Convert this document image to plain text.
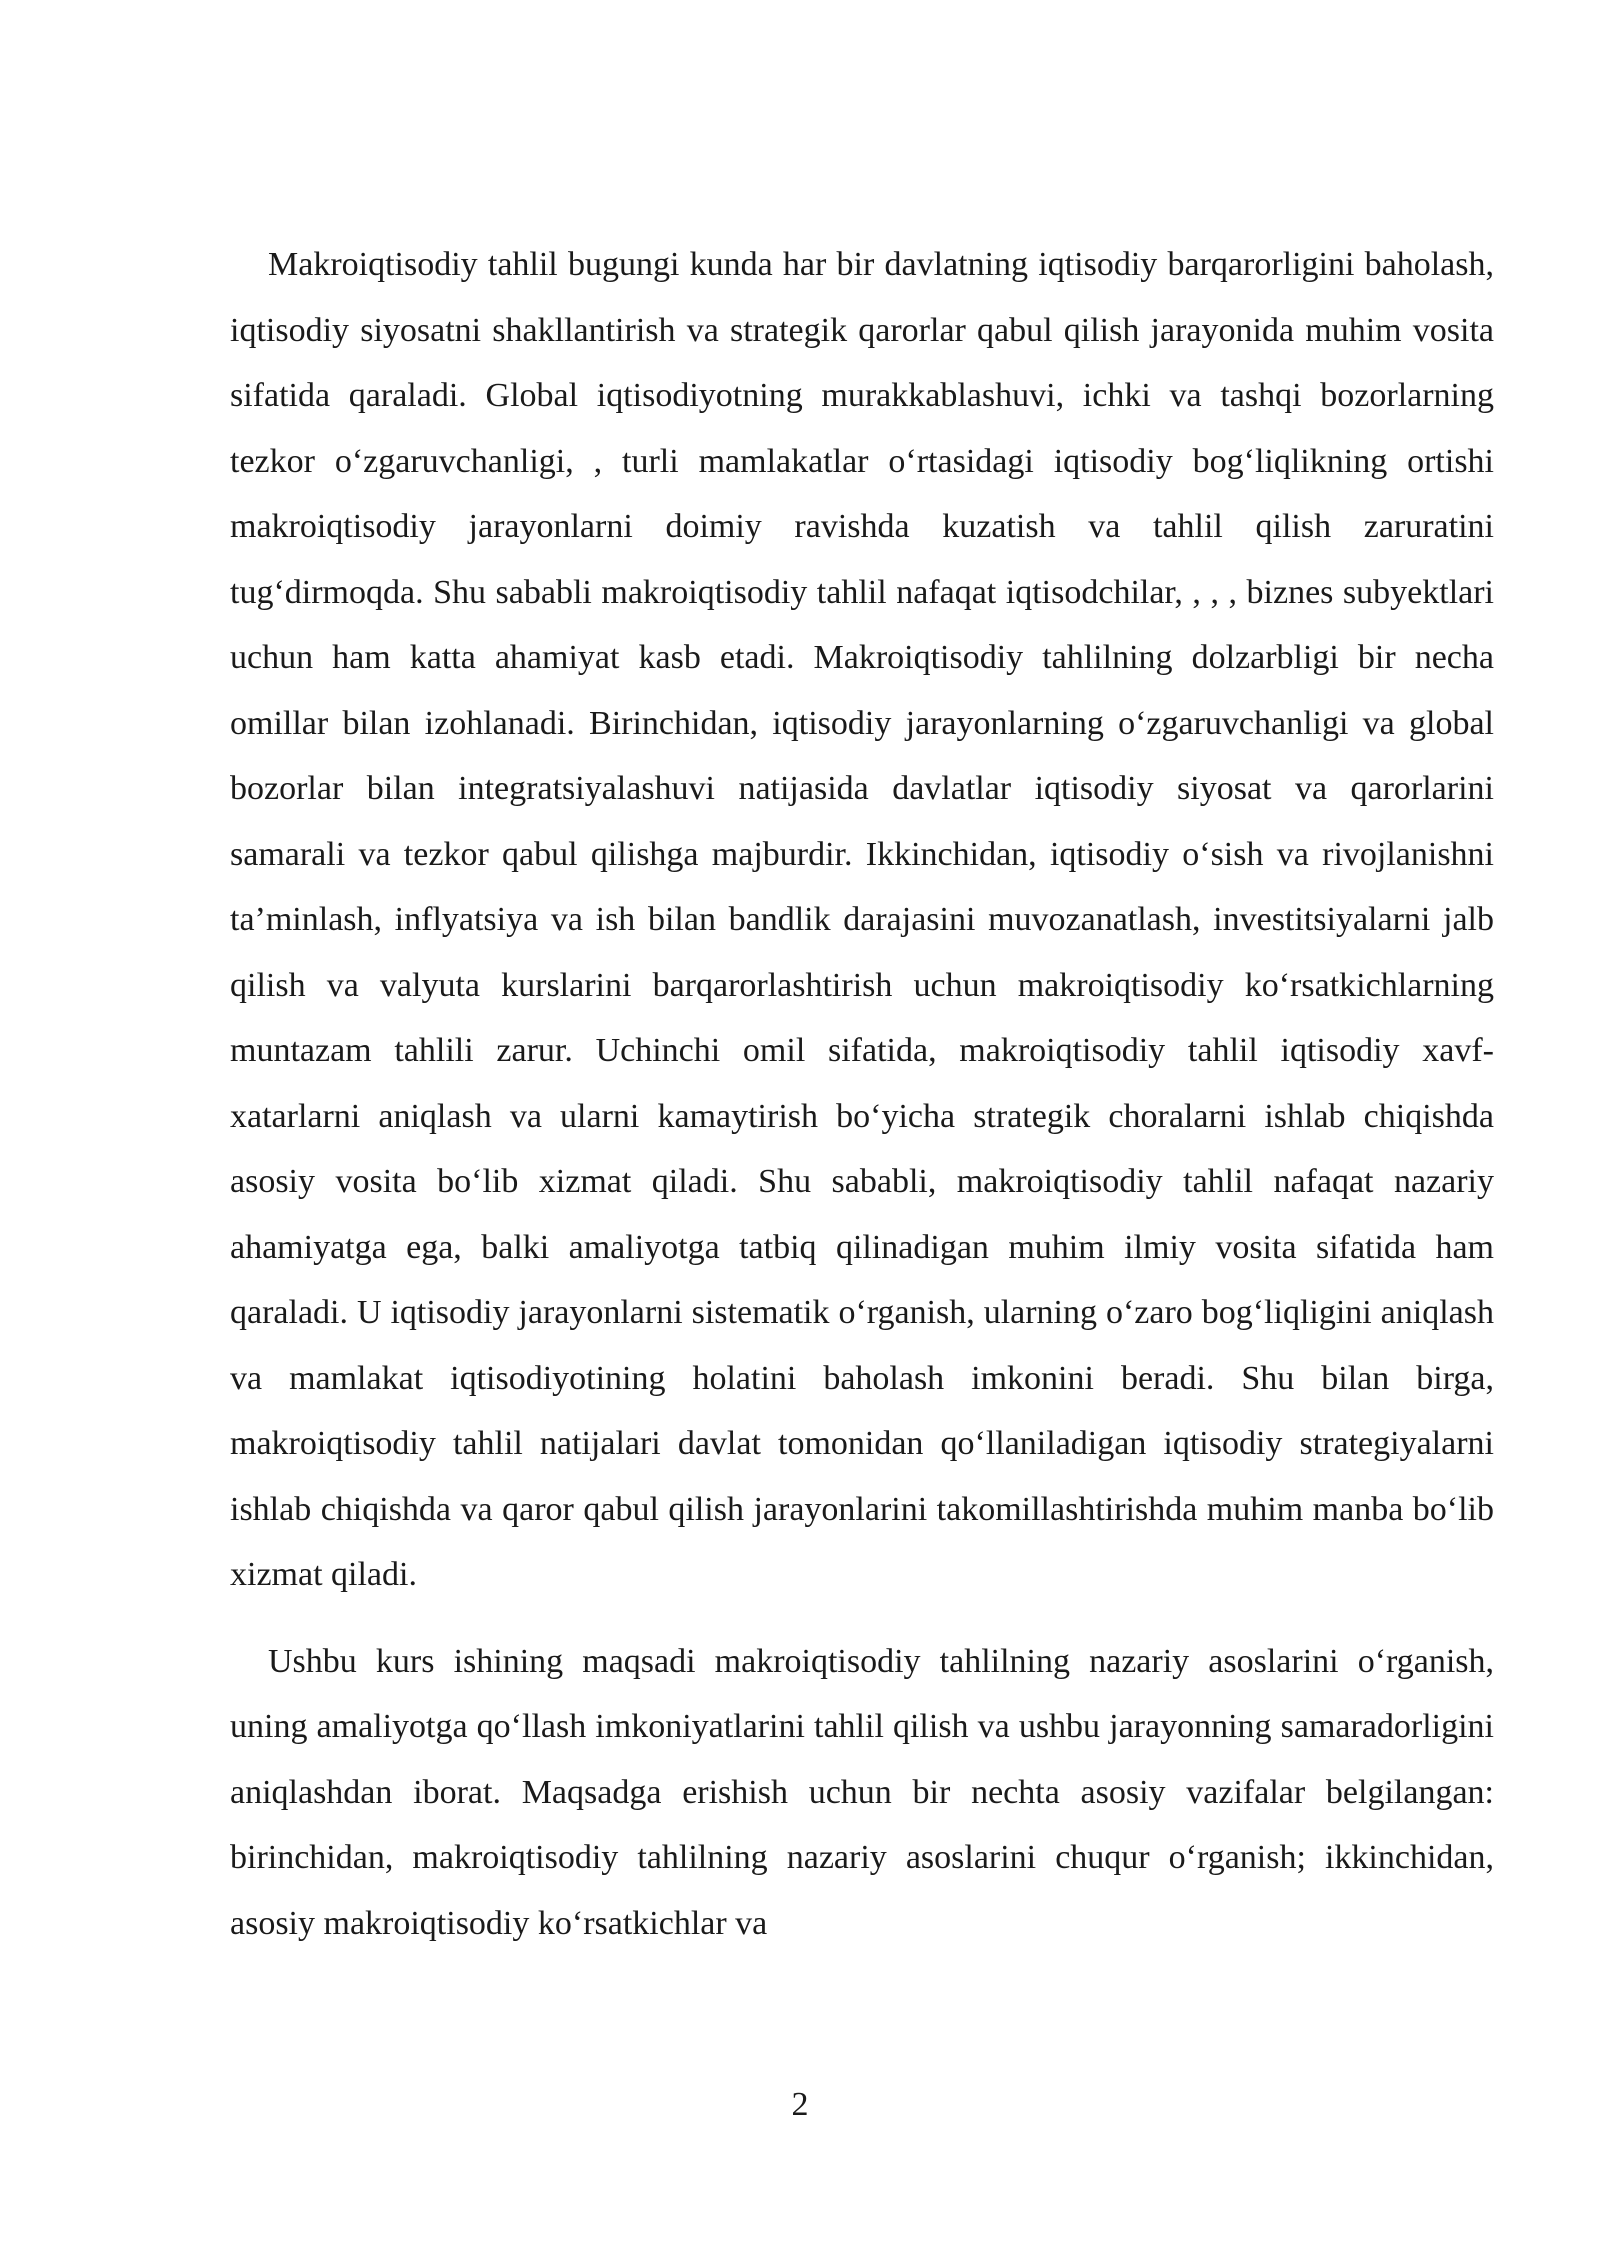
Makroiqtisodiy tahlil bugungi kunda har bir davlatning iqtisodiy barqarorligini baholash, iqtisodiy siyosatni shakllantirish va strategik qarorlar qabul qilish jarayonida muhim vosita sifatida qaraladi. Global iqtisodiyotning murakkablashuvi, ichki va tashqi bozorlarning tezkor o‘zgaruvchanligi, , turli mamlakatlar o‘rtasidagi iqtisodiy bog‘liqlikning ortishi makroiqtisodiy jarayonlarni doimiy ravishda kuzatish va tahlil qilish zaruratini tug‘dirmoqda. Shu sababli makroiqtisodiy tahlil nafaqat iqtisodchilar, , , , biznes subyektlari uchun ham katta ahamiyat kasb etadi. Makroiqtisodiy tahlilning dolzarbligi bir necha omillar bilan izohlanadi. Birinchidan, iqtisodiy jarayonlarning o‘zgaruvchanligi va global bozorlar bilan integratsiyalashuvi natijasida davlatlar iqtisodiy siyosat va qarorlarini samarali va tezkor qabul qilishga majburdir. Ikkinchidan, iqtisodiy o‘sish va rivojlanishni ta’minlash, inflyatsiya va ish bilan bandlik darajasini muvozanatlash, investitsiyalarni jalb qilish va valyuta kurslarini barqarorlashtirish uchun makroiqtisodiy ko‘rsatkichlarning muntazam tahlili zarur. Uchinchi omil sifatida, makroiqtisodiy tahlil iqtisodiy xavf-xatarlarni aniqlash va ularni kamaytirish bo‘yicha strategik choralarni ishlab chiqishda asosiy vosita bo‘lib xizmat qiladi. Shu sababli, makroiqtisodiy tahlil nafaqat nazariy ahamiyatga ega, balki amaliyotga tatbiq qilinadigan muhim ilmiy vosita sifatida ham qaraladi. U iqtisodiy jarayonlarni sistematik o‘rganish, ularning o‘zaro bog‘liqligini aniqlash va mamlakat iqtisodiyotining holatini baholash imkonini beradi. Shu bilan birga, makroiqtisodiy tahlil natijalari davlat tomonidan qo‘llaniladigan iqtisodiy strategiyalarni ishlab chiqishda va qaror qabul qilish jarayonlarini takomillashtirishda muhim manba bo‘lib xizmat qiladi.

Ushbu kurs ishining maqsadi makroiqtisodiy tahlilning nazariy asoslarini o‘rganish, uning amaliyotga qo‘llash imkoniyatlarini tahlil qilish va ushbu jarayonning samaradorligini aniqlashdan iborat. Maqsadga erishish uchun bir nechta asosiy vazifalar belgilangan: birinchidan, makroiqtisodiy tahlilning nazariy asoslarini chuqur o‘rganish; ikkinchidan, asosiy makroiqtisodiy ko‘rsatkichlar va

2
